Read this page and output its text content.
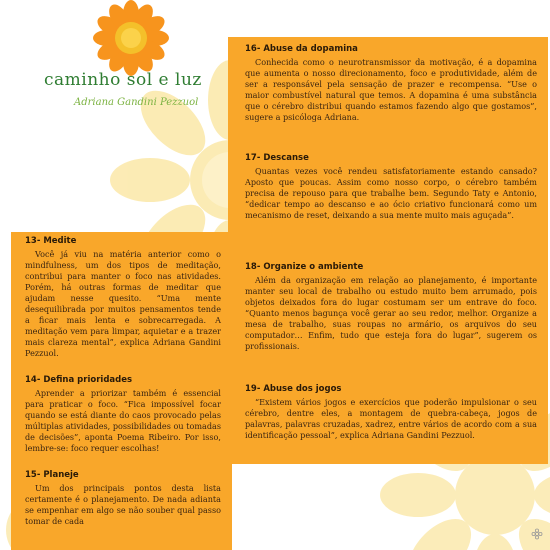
caminho sol e luz
Adriana Gandini Pezzuol
13- Medite

Você já viu na matéria anterior como o mindfulness, um dos tipos de meditação, contribui para manter o foco nas atividades. Porém, há outras formas de meditar que ajudam nesse quesito. “Uma mente desequilibrada por muitos pensamentos tende a ficar mais lenta e sobrecarregada. A meditação vem para limpar, aquietar e a trazer mais clareza mental”, explica Adriana Gandini Pezzuol.

14- Defina prioridades

Aprender a priorizar também é essencial para praticar o foco. “Fica impossível focar quando se está diante do caos provocado pelas múltiplas atividades, possibilidades ou tomadas de decisões”, aponta Poema Ribeiro. Por isso, lembre-se: foco requer escolhas!

15- Planeje

Um dos principais pontos desta lista certamente é o planejamento. De nada adianta se empenhar em algo se não souber qual passo tomar de cada

16- Abuse da dopamina

Conhecida como o neurotransmissor da motivação, é a dopamina que aumenta o nosso direcionamento, foco e produtividade, além de ser a responsável pela sensação de prazer e recompensa. “Use o maior combustível natural que temos. A dopamina é uma substância que o cérebro distribui quando estamos fazendo algo que gostamos”, sugere a psicóloga Adriana.

17- Descanse

Quantas vezes você rendeu satisfatoriamente estando cansado? Aposto que poucas. Assim como nosso corpo, o cérebro também precisa de repouso para que trabalhe bem. Segundo Taty e Antonio, “dedicar tempo ao descanso e ao ócio criativo funcionará como um mecanismo de reset, deixando a sua mente muito mais aguçada”.

18- Organize o ambiente

Além da organização em relação ao planejamento, é importante manter seu local de trabalho ou estudo muito bem arrumado, pois objetos deixados fora do lugar costumam ser um entrave do foco. “Quanto menos bagunça você gerar ao seu redor, melhor. Organize a mesa de trabalho, suas roupas no armário, os arquivos do seu computador… Enfim, tudo que esteja fora do lugar”, sugerem os profissionais.

19- Abuse dos jogos

“Existem vários jogos e exercícios que poderão impulsionar o seu cérebro, dentre eles, a montagem de quebra-cabeça, jogos de palavras, palavras cruzadas, xadrez, entre vários de acordo com a sua identificação pessoal”, explica Adriana Gandini Pezzuol.
